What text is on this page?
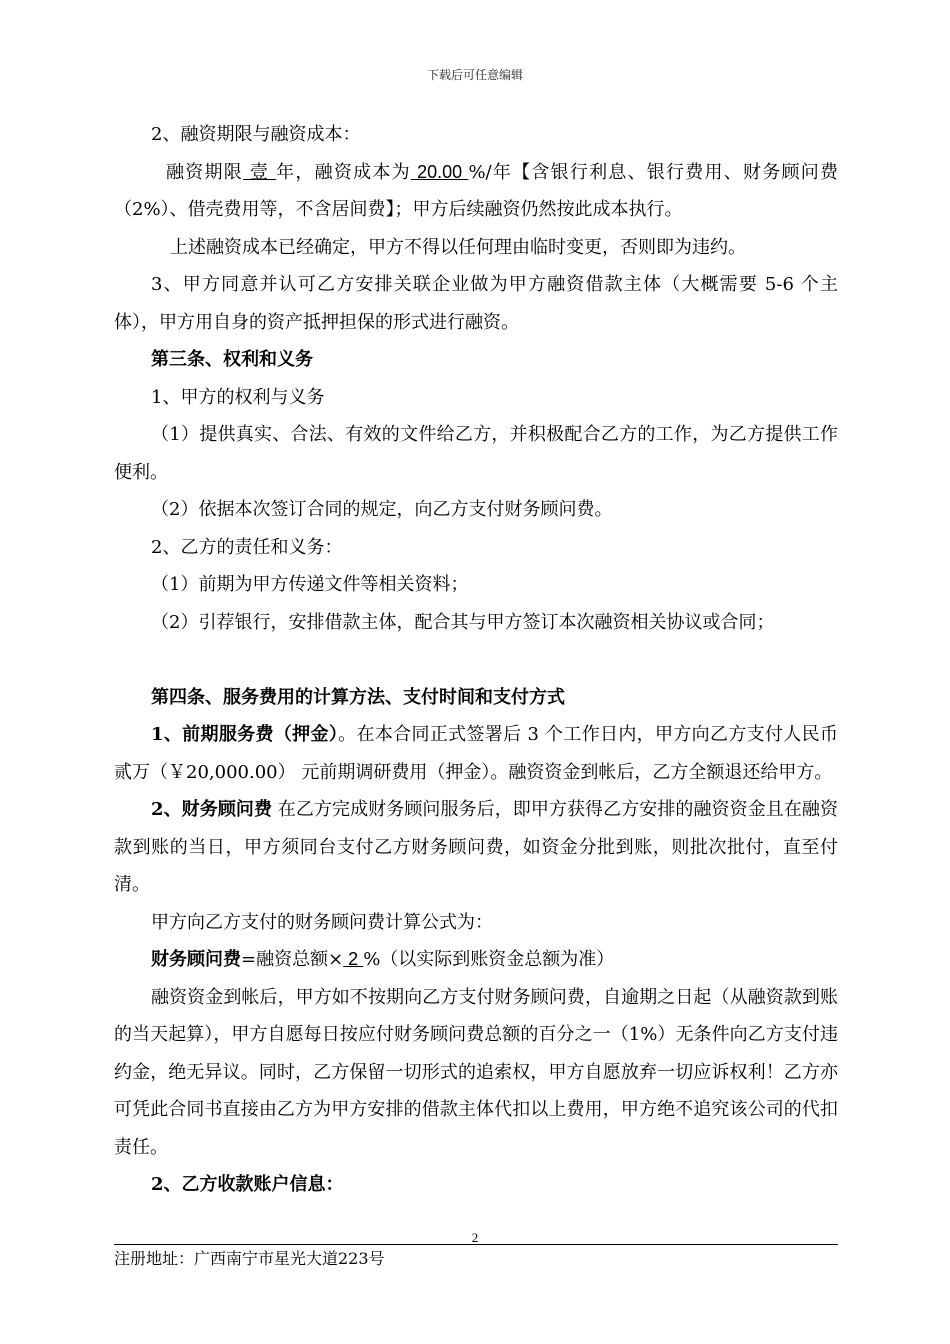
下载后可任意编辑

2、融资期限与融资成本：

融资期限 壹 年，融资成本为 20.00 %/年【含银行利息、银行费用、财务顾问费（2%）、借壳费用等，不含居间费】；甲方后续融资仍然按此成本执行。

上述融资成本已经确定，甲方不得以任何理由临时变更，否则即为违约。

3、甲方同意并认可乙方安排关联企业做为甲方融资借款主体（大概需要 5-6 个主体），甲方用自身的资产抵押担保的形式进行融资。

第三条、权利和义务

1、甲方的权利与义务

（1）提供真实、合法、有效的文件给乙方，并积极配合乙方的工作，为乙方提供工作便利。

（2）依据本次签订合同的规定，向乙方支付财务顾问费。

2、乙方的责任和义务：

（1）前期为甲方传递文件等相关资料；

（2）引荐银行，安排借款主体，配合其与甲方签订本次融资相关协议或合同；

第四条、服务费用的计算方法、支付时间和支付方式

1、前期服务费（押金）。在本合同正式签署后 3 个工作日内，甲方向乙方支付人民币贰万（￥20,000.00） 元前期调研费用（押金）。融资资金到帐后，乙方全额退还给甲方。

2、财务顾问费 在乙方完成财务顾问服务后，即甲方获得乙方安排的融资资金且在融资款到账的当日，甲方须同台支付乙方财务顾问费，如资金分批到账，则批次批付，直至付清。

甲方向乙方支付的财务顾问费计算公式为：

财务顾问费=融资总额× 2 %（以实际到账资金总额为准）

融资资金到帐后，甲方如不按期向乙方支付财务顾问费，自逾期之日起（从融资款到账的当天起算），甲方自愿每日按应付财务顾问费总额的百分之一（1%）无条件向乙方支付违约金，绝无异议。同时，乙方保留一切形式的追索权，甲方自愿放弃一切应诉权利！乙方亦可凭此合同书直接由乙方为甲方安排的借款主体代扣以上费用，甲方绝不追究该公司的代扣责任。

2、乙方收款账户信息：

2
注册地址：广西南宁市星光大道223号
